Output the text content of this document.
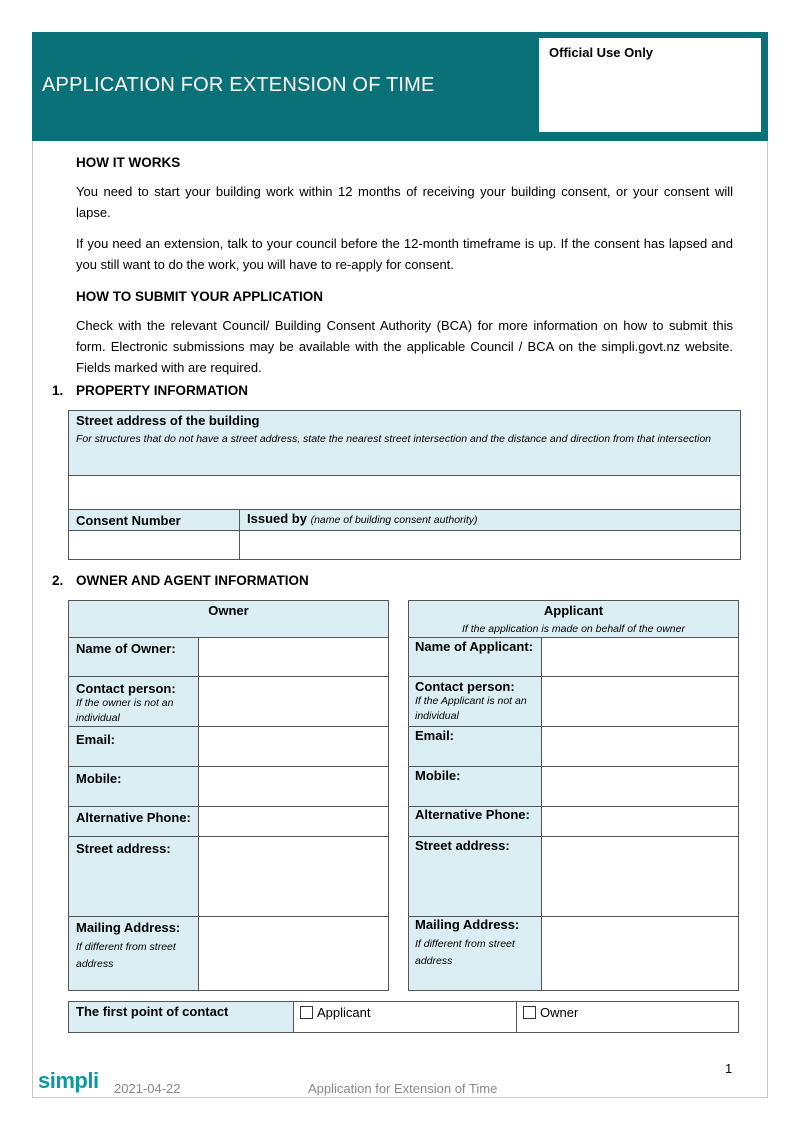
APPLICATION FOR EXTENSION OF TIME
Official Use Only
HOW IT WORKS
You need to start your building work within 12 months of receiving your building consent, or your consent will lapse.
If you need an extension, talk to your council before the 12-month timeframe is up. If the consent has lapsed and you still want to do the work, you will have to re-apply for consent.
HOW TO SUBMIT YOUR APPLICATION
Check with the relevant Council/ Building Consent Authority (BCA) for more information on how to submit this form. Electronic submissions may be available with the applicable Council / BCA on the simpli.govt.nz website. Fields marked with are required.
1. PROPERTY INFORMATION
Street address of the building
For structures that do not have a street address, state the nearest street intersection and the distance and direction from that intersection
Consent Number	Issued by (name of building consent authority)
2. OWNER AND AGENT INFORMATION
Owner
Name of Owner:
Contact person:
If the owner is not an individual
Email:
Mobile:
Alternative Phone:
Street address:
Mailing Address:
If different from street address
Applicant
If the application is made on behalf of the owner
Name of Applicant:
Contact person:
If the Applicant is not an individual
Email:
Mobile:
Alternative Phone:
Street address:
Mailing Address:
If different from street address
The first point of contact	Applicant	Owner
1
simpli 2021-04-22	Application for Extension of Time
